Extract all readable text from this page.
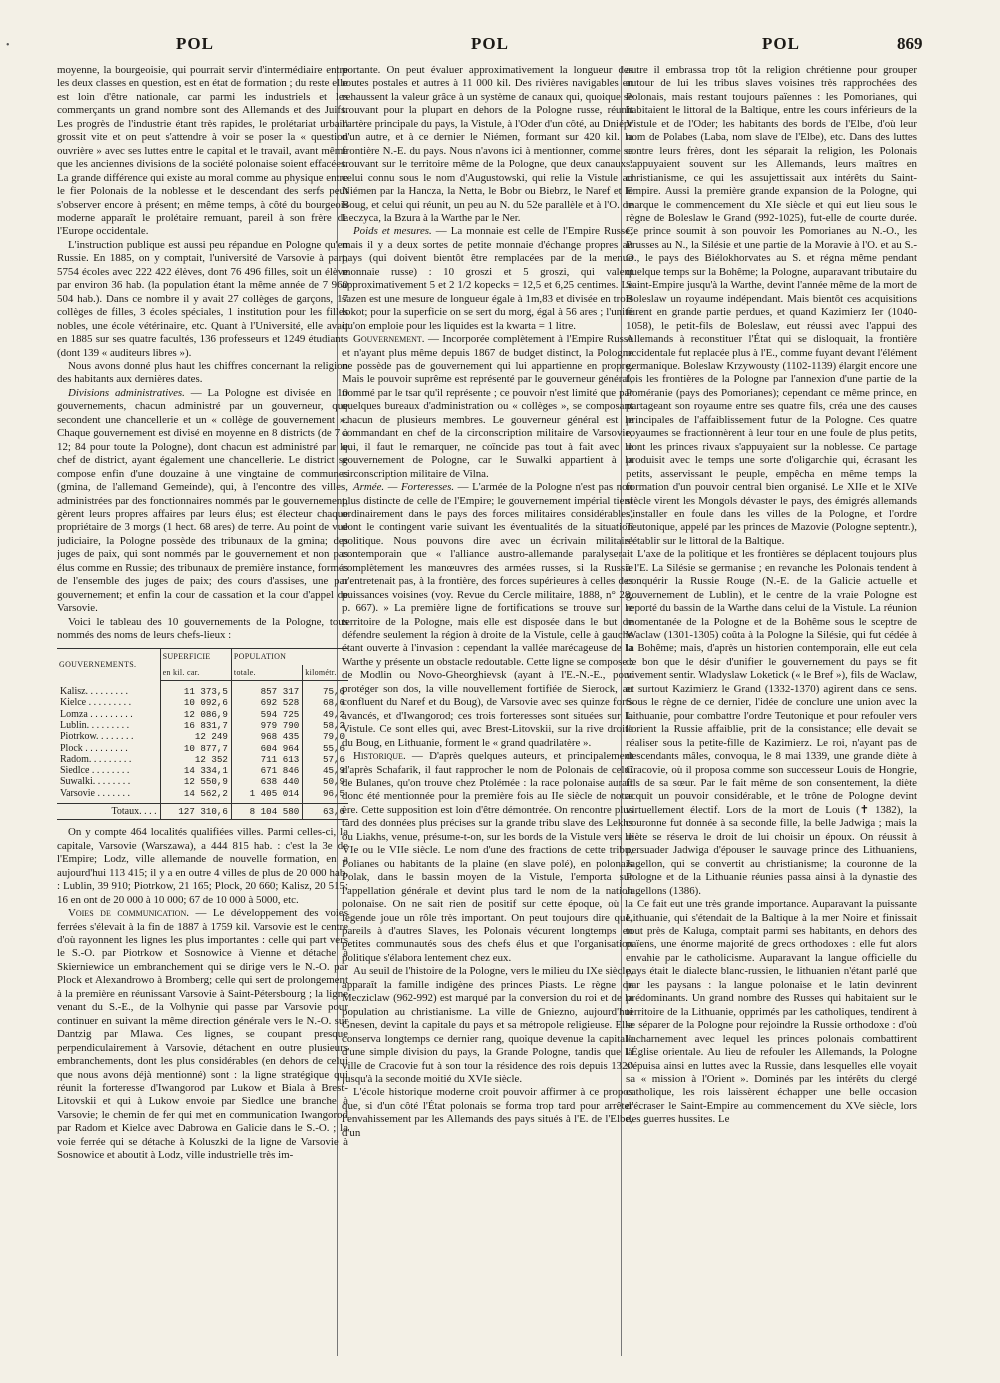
•	POL	POL	POL	869

moyenne, la bourgeoisie, qui pourrait servir d'intermédiaire entre les deux classes en question, est en état de formation ; du reste elle est loin d'être nationale, car parmi les industriels et les commerçants un grand nombre sont des Allemands et des Juifs. Les progrès de l'industrie étant très rapides, le prolétariat urbain grossit vite et on peut s'attendre à voir se poser la « question ouvrière » avec ses luttes entre le capital et le travail, avant même que les anciennes divisions de la société polonaise soient effacées. La grande différence qui existe au moral comme au physique entre le fier Polonais de la noblesse et le descendant des serfs peut s'observer encore à présent; en même temps, à côté du bourgeois moderne apparaît le prolétaire remuant, pareil à son frère de l'Europe occidentale.

L'instruction publique est aussi peu répandue en Pologne qu'en Russie. En 1885, on y comptait, l'université de Varsovie à part, 5754 écoles avec 222 422 élèves, dont 76 496 filles, soit un élève par environ 36 hab. (la population étant la même année de 7 960 504 hab.). Dans ce nombre il y avait 27 collèges de garçons, 17 collèges de filles, 3 écoles spéciales, 1 institution pour les filles nobles, une école vétérinaire, etc. Quant à l'Université, elle avait en 1885 sur ses quatre facultés, 136 professeurs et 1249 étudiants (dont 139 « auditeurs libres »).

Nous avons donné plus haut les chiffres concernant la religion des habitants aux dernières dates.

Divisions administratives. — La Pologne est divisée en 10 gouvernements, chacun administré par un gouverneur, que secondent une chancellerie et un « collège de gouvernement ». Chaque gouvernement est divisé en moyenne en 8 districts (de 7 à 12; 84 pour toute la Pologne), dont chacun est administré par le chef de district, ayant également une chancellerie. Le district se compose enfin d'une douzaine à une vingtaine de communes (gmina, de l'allemand Gemeinde), qui, à l'encontre des villes, administrées par des fonctionnaires nommés par le gouvernement, gèrent leurs propres affaires par leurs élus; est électeur chaque propriétaire de 3 morgs (1 hect. 68 ares) de terre. Au point de vue judiciaire, la Pologne possède des tribunaux de la gmina; des juges de paix, qui sont nommés par le gouvernement et non pas élus comme en Russie; des tribunaux de première instance, formés de l'ensemble des juges de paix; des cours d'assises, une par gouvernement; et enfin la cour de cassation et la cour d'appel de Varsovie.

Voici le tableau des 10 gouvernements de la Pologne, tous nommés des noms de leurs chefs-lieux :

GOUVERNEMENTS.	SUPERFICIE	POPULATION	
	en kil. car.	totale.	kilométr.
Kalisz. . . . . . . . .	11 373,5	857 317	75,6
Kielce . . . . . . . . .	10 092,6	692 528	68,6
Lomza . . . . . . . . .	12 086,9	594 725	49,2
Lublin. . . . . . . . .	16 831,7	979 790	58,2
Piotrkow. . . . . . . .	12 249	968 435	79,0
Plock . . . . . . . . .	10 877,7	604 964	55,6
Radom. . . . . . . . .	12 352	711 613	57,6
Siedlce . . . . . . . .	14 334,1	671 846	45,9
Suwalki. . . . . . . .	12 550,9	638 440	50,9
Varsovie . . . . . . .	14 562,2	1 405 014	96,5
Totaux. . . .	127 310,6	8 104 580	63,6

On y compte 464 localités qualifiées villes. Parmi celles-ci, la capitale, Varsovie (Warszawa), a 444 815 hab. : c'est la 3e de l'Empire; Lodz, ville allemande de nouvelle formation, en a aujourd'hui 113 415; il y a en outre 4 villes de plus de 20 000 hab. : Lublin, 39 910; Piotrkow, 21 165; Plock, 20 660; Kalisz, 20 515; 16 en ont de 20 000 à 10 000; 67 de 10 000 à 5000, etc.

Voies de communication. — Le développement des voies ferrées s'élevait à la fin de 1887 à 1759 kil. Varsovie est le centre d'où rayonnent les lignes les plus importantes : celle qui part vers le S.-O. par Piotrkow et Sosnowice à Vienne et détache à Skierniewice un embranchement qui se dirige vers le N.-O. par Plock et Alexandrowo à Bromberg; celle qui sert de prolongement à la première en réunissant Varsovie à Saint-Pétersbourg ; la ligne venant du S.-E., de la Volhynie qui passe par Varsovie pour continuer en suivant la même direction générale vers le N.-O. sur Dantzig par Mlawa. Ces lignes, se coupant presque perpendiculairement à Varsovie, détachent en outre plusieurs embranchements, dont les plus considérables (en dehors de celui que nous avons déjà mentionné) sont : la ligne stratégique qui réunit la forteresse d'Iwangorod par Lukow et Biala à Brest-Litovskii et qui à Lukow envoie par Siedlce une branche à Varsovie; le chemin de fer qui met en communication Iwangorod par Radom et Kielce avec Dabrowa en Galicie dans le S.-O. ; la voie ferrée qui se détache à Koluszki de la ligne de Varsovie à Sosnowice et aboutit à Lodz, ville industrielle très im-

portante. On peut évaluer approximativement la longueur des routes postales et autres à 11 000 kil. Des rivières navigables en rehaussent la valeur grâce à un système de canaux qui, quoique se trouvant pour la plupart en dehors de la Pologne russe, réunit l'artère principale du pays, la Vistule, à l'Oder d'un côté, au Dniépr d'un autre, et à ce dernier le Niémen, formant sur 420 kil. la frontière N.-E. du pays. Nous n'avons ici à mentionner, comme se trouvant sur le territoire même de la Pologne, que deux canaux : celui connu sous le nom d'Augustowski, qui relie la Vistule au Niémen par la Hancza, la Netta, le Bobr ou Biebrz, le Naref et le Boug, et celui qui réunit, un peu au N. du 52e parallèle et à l'O. de Leczyca, la Bzura à la Warthe par le Ner.

Poids et mesures. — La monnaie est celle de l'Empire Russe; mais il y a deux sortes de petite monnaie d'échange propres au pays (qui doivent bientôt être remplacées par de la menue monnaie russe) : 10 groszi et 5 groszi, qui valent approximativement 5 et 2 1/2 kopecks = 12,5 et 6,25 centimes. Le sazen est une mesure de longueur égale à 1m,83 et divisée en trois lokot; pour la superficie on se sert du morg, égal à 56 ares ; l'unité qu'on emploie pour les liquides est la kwarta = 1 litre.

Gouvernement. — Incorporée complètement à l'Empire Russe et n'ayant plus même depuis 1867 de budget distinct, la Pologne ne possède pas de gouvernement qui lui appartienne en propre. Mais le pouvoir suprême est représenté par le gouverneur général, nommé par le tsar qu'il représente ; ce pouvoir n'est limité que par quelques bureaux d'administration ou « collèges », se composant chacun de plusieurs membres. Le gouverneur général est le commandant en chef de la circonscription militaire de Varsovie, qui, il faut le remarquer, ne coïncide pas tout à fait avec le gouvernement de Pologne, car le Suwalki appartient à la circonscription militaire de Vilna.

Armée. — Forteresses. — L'armée de la Pologne n'est pas non plus distincte de celle de l'Empire; le gouvernement impérial tient ordinairement dans le pays des forces militaires considérables, dont le contingent varie suivant les éventualités de la situation politique. Nous pouvons dire avec un écrivain militaire contemporain que « l'alliance austro-allemande paralyserait complètement les manœuvres des armées russes, si la Russie n'entretenait pas, à la frontière, des forces supérieures à celles des puissances voisines (voy. Revue du Cercle militaire, 1888, n° 28, p. 667). » La première ligne de fortifications se trouve sur le territoire de la Pologne, mais elle est disposée dans le but de défendre seulement la région à droite de la Vistule, celle à gauche étant ouverte à l'invasion : cependant la vallée marécageuse de la Warthe y présente un obstacle redoutable. Cette ligne se compose : de Modlin ou Novo-Gheorghievsk (ayant à l'E.-N.-E., pour protéger son dos, la ville nouvellement fortifiée de Sierock, au confluent du Naref et du Boug), de Varsovie avec ses quinze forts avancés, et d'Iwangorod; ces trois forteresses sont situées sur la Vistule. Ce sont elles qui, avec Brest-Litovskii, sur la rive droite du Boug, en Lithuanie, forment le « grand quadrilatère ».

Historique. — D'après quelques auteurs, et principalement d'après Schafarik, il faut rapprocher le nom de Polonais de celui de Bulanes, qu'on trouve chez Ptolémée : la race polonaise aurait donc été mentionnée pour la première fois au IIe siècle de notre ère. Cette supposition est loin d'être démontrée. On rencontre plus tard des données plus précises sur la grande tribu slave des Lekhs ou Liakhs, venue, présume-t-on, sur les bords de la Vistule vers le VIe ou le VIIe siècle. Le nom d'une des fractions de cette tribu, Polianes ou habitants de la plaine (en slave polé), en polonais Polak, dans le bassin moyen de la Vistule, l'emporta sur l'appellation générale et devint plus tard le nom de la nation polonaise. On ne sait rien de positif sur cette époque, où la légende joue un rôle très important. On peut toujours dire que, pareils à d'autres Slaves, les Polonais vécurent longtemps en petites communautés sous des chefs élus et que l'organisation politique s'élabora lentement chez eux.

Au seuil de l'histoire de la Pologne, vers le milieu du IXe siècle, apparaît la famille indigène des princes Piasts. Le règne de Mecziclaw (962-992) est marqué par la conversion du roi et de la population au christianisme. La ville de Gniezno, aujourd'hui Gnesen, devint la capitale du pays et sa métropole religieuse. Elle conserva longtemps ce dernier rang, quoique devenue la capitale d'une simple division du pays, la Grande Pologne, tandis que la ville de Cracovie fut à son tour la résidence des rois depuis 1320 jusqu'à la seconde moitié du XVIe siècle.

L'école historique moderne croit pouvoir affirmer à ce propos que, si d'un côté l'État polonais se forma trop tard pour arrêter l'envahissement par les Allemands des pays situés à l'E. de l'Elbe, d'un

autre il embrassa trop tôt la religion chrétienne pour grouper autour de lui les tribus slaves voisines très rapprochées des Polonais, mais restant toujours païennes : les Pomorianes, qui habitaient le littoral de la Baltique, entre les cours inférieurs de la Vistule et de l'Oder; les habitants des bords de l'Elbe, d'où leur nom de Polabes (Laba, nom slave de l'Elbe), etc. Dans des luttes contre leurs frères, dont les séparait la religion, les Polonais s'appuyaient souvent sur les Allemands, leurs maîtres en christianisme, ce qui les assujettissait aux intérêts du Saint-Empire. Aussi la première grande expansion de la Pologne, qui marque le commencement du XIe siècle et qui eut lieu sous le règne de Boleslaw le Grand (992-1025), fut-elle de courte durée. Ce prince soumit à son pouvoir les Pomorianes au N.-O., les Prusses au N., la Silésie et une partie de la Moravie à l'O. et au S.-O., le pays des Biélokhorvates au S. et régna même pendant quelque temps sur la Bohême; la Pologne, auparavant tributaire du Saint-Empire jusqu'à la Warthe, devint l'année même de la mort de Boleslaw un royaume indépendant. Mais bientôt ces acquisitions furent en grande partie perdues, et quand Kazimierz Ier (1040-1058), le petit-fils de Boleslaw, eut réussi avec l'appui des Allemands à reconstituer l'État qui se disloquait, la frontière occidentale fut replacée plus à l'E., comme fuyant devant l'élément germanique. Boleslaw Krzywousty (1102-1139) élargit encore une fois les frontières de la Pologne par l'annexion d'une partie de la Poméranie (pays des Pomorianes); cependant ce même prince, en partageant son royaume entre ses quatre fils, créa une des causes principales de l'affaiblissement futur de la Pologne. Ces quatre royaumes se fractionnèrent à leur tour en une foule de plus petits, dont les princes rivaux s'appuyaient sur la noblesse. Ce partage produisit avec le temps une sorte d'oligarchie qui, écrasant les petits, asservissant le peuple, empêcha en même temps la formation d'un pouvoir central bien organisé. Le XIIe et le XIVe siècle virent les Mongols dévaster le pays, des émigrés allemands s'installer en foule dans les villes de la Pologne, et l'ordre Teutonique, appelé par les princes de Mazovie (Pologne septentr.), s'établir sur le littoral de la Baltique.

L'axe de la politique et les frontières se déplacent toujours plus à l'E. La Silésie se germanise ; en revanche les Polonais tendent à conquérir la Russie Rouge (N.-E. de la Galicie actuelle et gouvernement de Lublin), et le centre de la vraie Pologne est reporté du bassin de la Warthe dans celui de la Vistule. La réunion momentanée de la Pologne et de la Bohême sous le sceptre de Waclaw (1301-1305) coûta à la Pologne la Silésie, qui fut cédée à la Bohême; mais, d'après un historien contemporain, elle eut cela de bon que le désir d'unifier le gouvernement du pays se fit vivement sentir. Wladyslaw Loketick (« le Bref »), fils de Waclaw, et surtout Kazimierz le Grand (1332-1370) agirent dans ce sens. Sous le règne de ce dernier, l'idée de conclure une union avec la Lithuanie, pour combattre l'ordre Teutonique et pour refouler vers l'orient la Russie affaiblie, prit de la consistance; elle devait se réaliser sous la petite-fille de Kazimierz. Le roi, n'ayant pas de descendants mâles, convoqua, le 8 mai 1339, une grande diète à Cracovie, où il proposa comme son successeur Louis de Hongrie, fils de sa sœur. Par le fait même de son consentement, la diète acquit un pouvoir considérable, et le trône de Pologne devint virtuellement électif. Lors de la mort de Louis (✝ 1382), la couronne fut donnée à sa seconde fille, la belle Jadwiga ; mais la diète se réserva le droit de lui choisir un époux. On réussit à persuader Jadwiga d'épouser le sauvage prince des Lithuaniens, Jagellon, qui se convertit au christianisme; la couronne de la Pologne et de la Lithuanie réunies passa ainsi à la dynastie des Jagellons (1386).

Ce fait eut une très grande importance. Auparavant la puissante Lithuanie, qui s'étendait de la Baltique à la mer Noire et finissait tout près de Kaluga, comptait parmi ses habitants, en dehors des païens, une énorme majorité de grecs orthodoxes : elle fut alors envahie par le catholicisme. Auparavant la langue officielle du pays était le dialecte blanc-russien, le lithuanien n'étant parlé que par les paysans : la langue polonaise et le latin devinrent prédominants. Un grand nombre des Russes qui habitaient sur le territoire de la Lithuanie, opprimés par les catholiques, tendirent à se séparer de la Pologne pour rejoindre la Russie orthodoxe : d'où l'acharnement avec lequel les princes polonais combattirent l'Église orientale. Au lieu de refouler les Allemands, la Pologne s'épuisa ainsi en luttes avec la Russie, dans lesquelles elle voyait sa « mission à l'Orient ». Dominés par les intérêts du clergé catholique, les rois laissèrent échapper une belle occasion d'écraser le Saint-Empire au commencement du XVe siècle, lors des guerres hussites. Le
